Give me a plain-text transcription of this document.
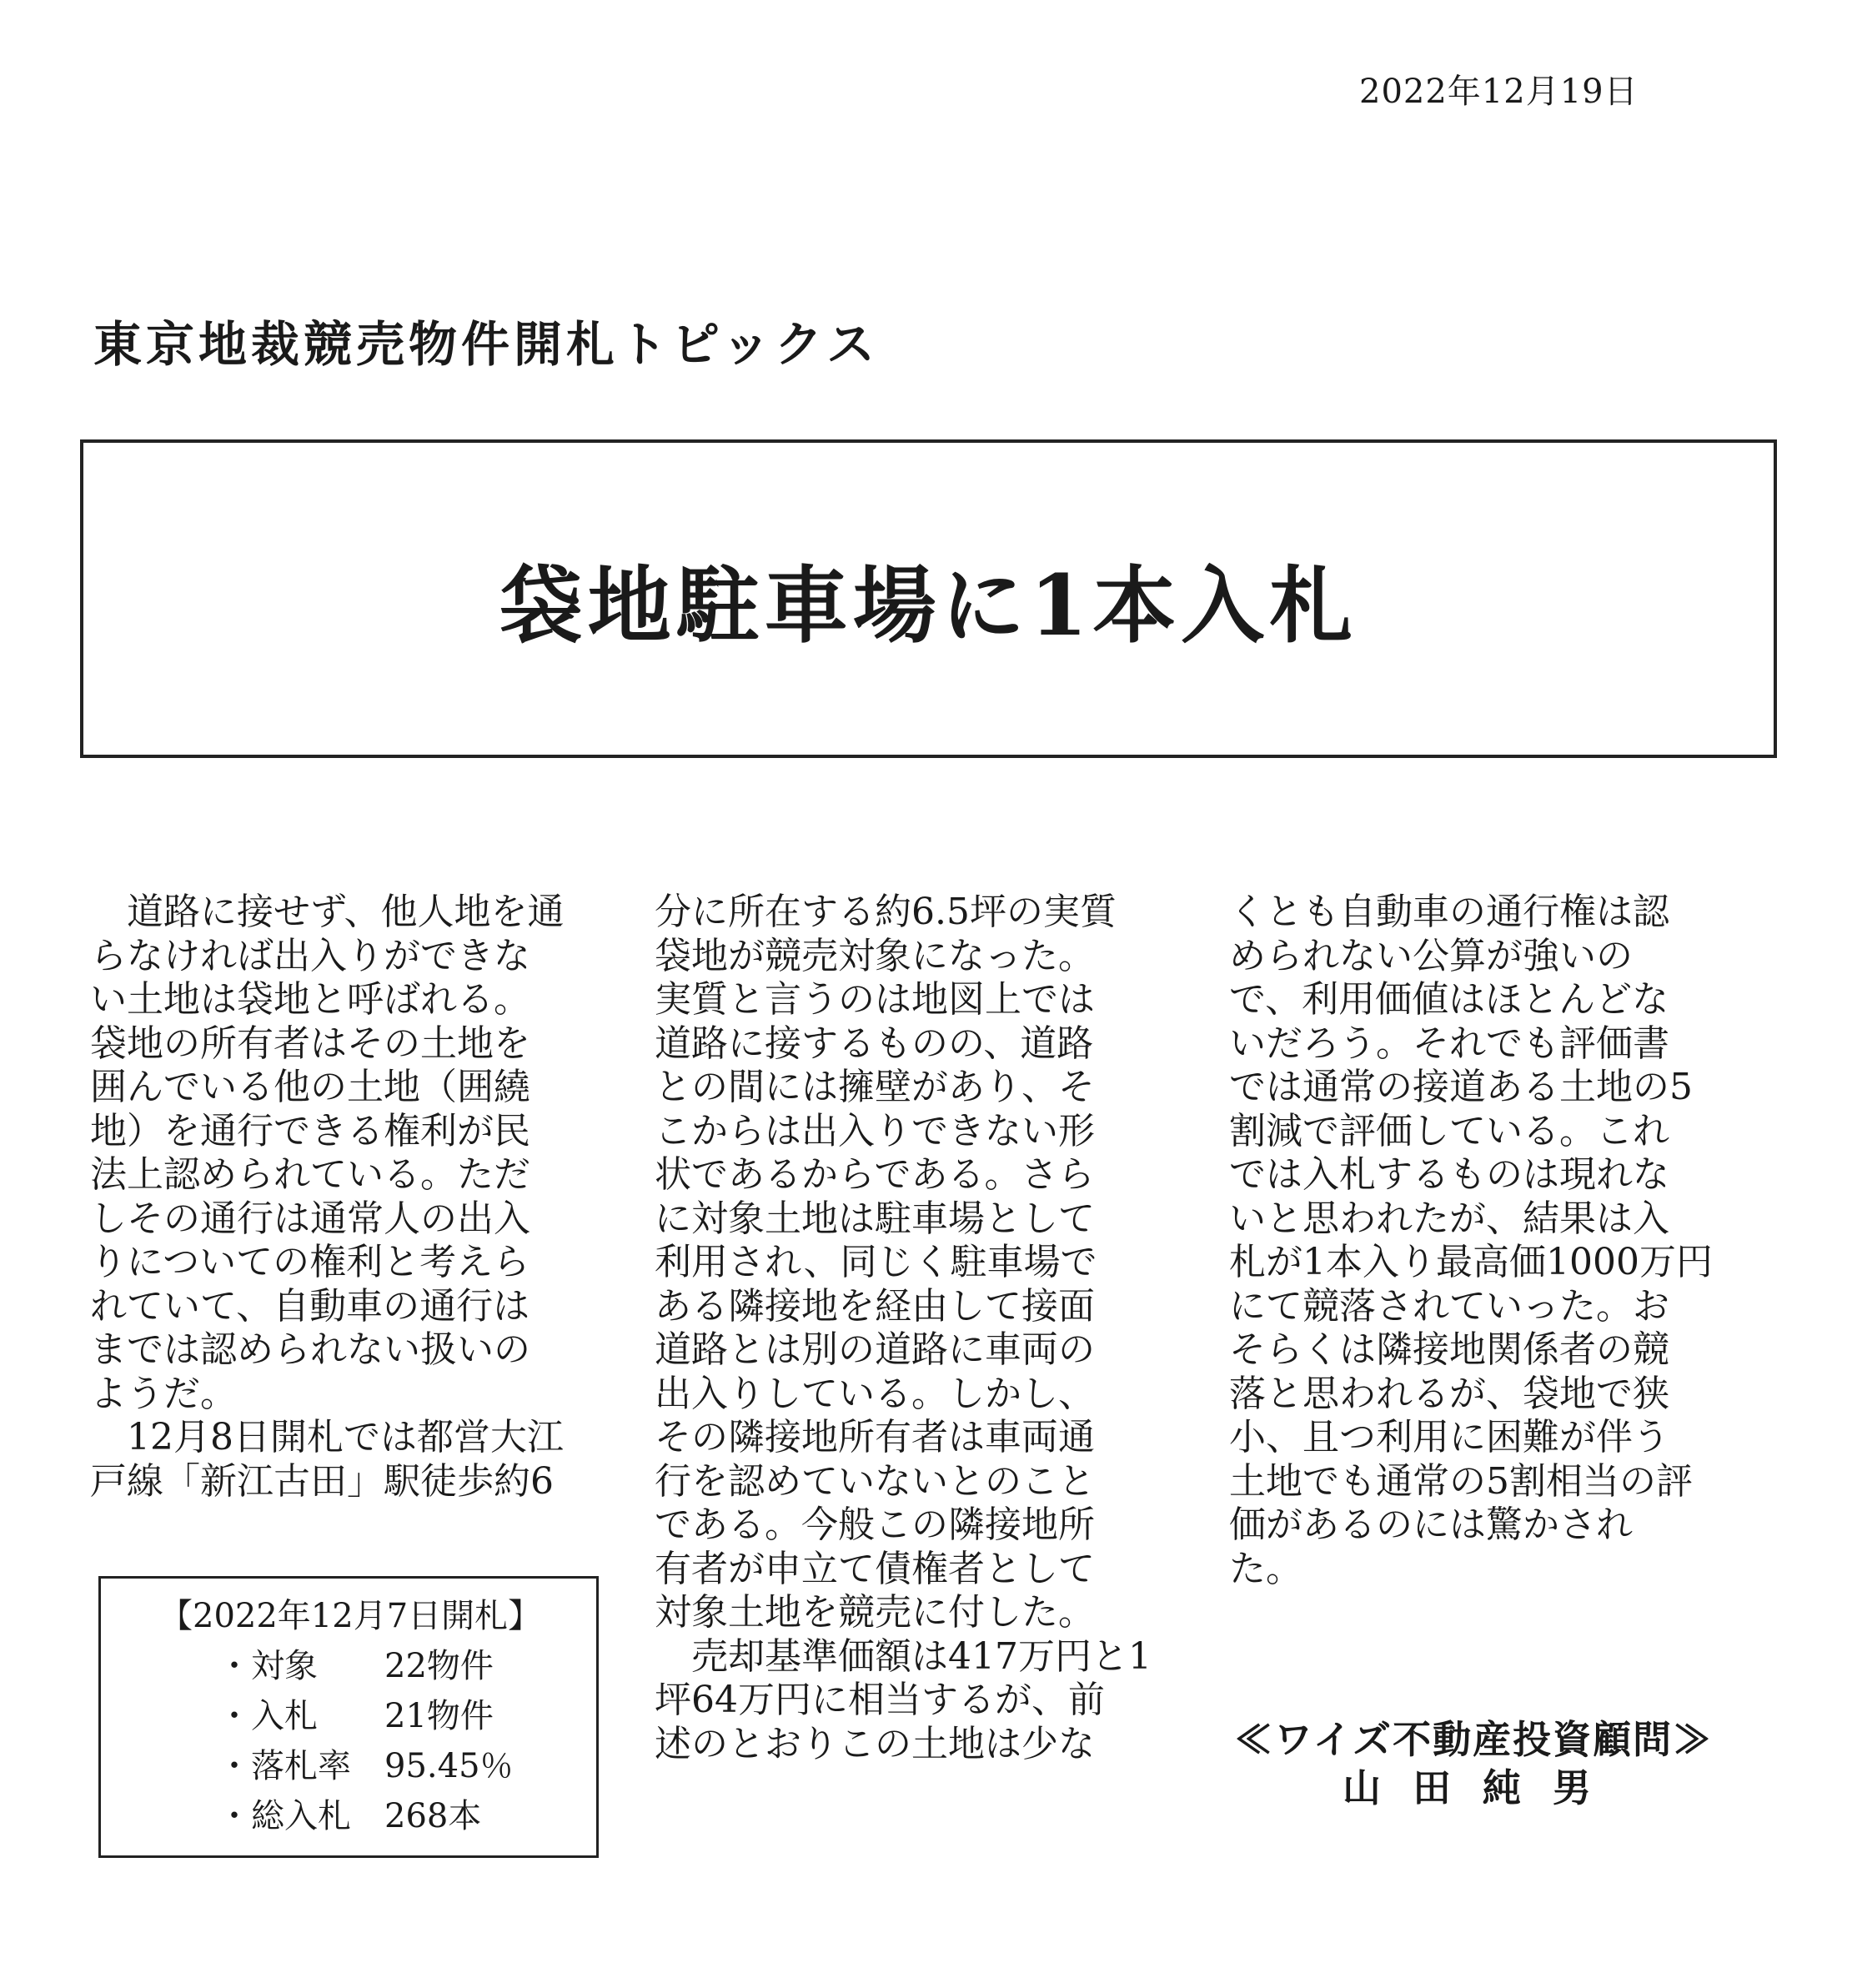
2022年12月19日
東京地裁競売物件開札トピックス
袋地駐車場に1本入札
　道路に接せず、他人地を通
らなければ出入りができな
い土地は袋地と呼ばれる。
袋地の所有者はその土地を
囲んでいる他の土地（囲繞
地）を通行できる権利が民
法上認められている。ただ
しその通行は通常人の出入
りについての権利と考えら
れていて、自動車の通行は
までは認められない扱いの
ようだ。
　12月8日開札では都営大江
戸線「新江古田」駅徒歩約6
【2022年12月7日開札】
・対象 22物件
・入札 21物件
・落札率 95.45％
・総入札 268本
分に所在する約6.5坪の実質
袋地が競売対象になった。
実質と言うのは地図上では
道路に接するものの、道路
との間には擁壁があり、そ
こからは出入りできない形
状であるからである。さら
に対象土地は駐車場として
利用され、同じく駐車場で
ある隣接地を経由して接面
道路とは別の道路に車両の
出入りしている。しかし、
その隣接地所有者は車両通
行を認めていないとのこと
である。今般この隣接地所
有者が申立て債権者として
対象土地を競売に付した。
　売却基準価額は417万円と1
坪64万円に相当するが、前
述のとおりこの土地は少な
くとも自動車の通行権は認
められない公算が強いの
で、利用価値はほとんどな
いだろう。それでも評価書
では通常の接道ある土地の5
割減で評価している。これ
では入札するものは現れな
いと思われたが、結果は入
札が1本入り最高価1000万円
にて競落されていった。お
そらくは隣接地関係者の競
落と思われるが、袋地で狭
小、且つ利用に困難が伴う
土地でも通常の5割相当の評
価があるのには驚かされ
た。
≪ワイズ不動産投資顧問≫
山田純男
